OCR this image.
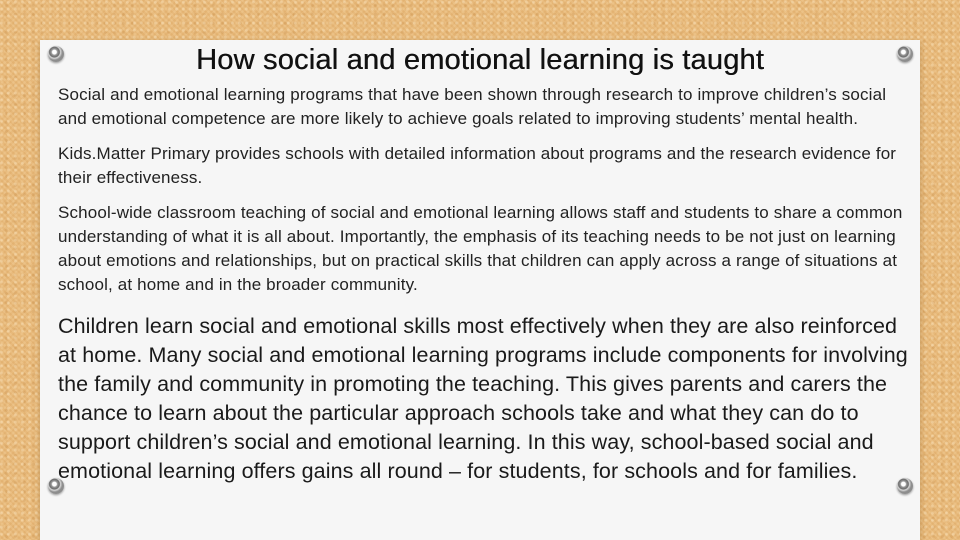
How social and emotional learning is taught

Social and emotional learning programs that have been shown through research to improve children’s social and emotional competence are more likely to achieve goals related to improving students’ mental health.

Kids.Matter Primary provides schools with detailed information about programs and the research evidence for their effectiveness.

School-wide classroom teaching of social and emotional learning allows staff and students to share a common understanding of what it is all about. Importantly, the emphasis of its teaching needs to be not just on learning about emotions and relationships, but on practical skills that children can apply across a range of situations at school, at home and in the broader community.

Children learn social and emotional skills most effectively when they are also reinforced at home. Many social and emotional learning programs include components for involving the family and community in promoting the teaching. This gives parents and carers the chance to learn about the particular approach schools take and what they can do to support children’s social and emotional learning. In this way, school-based social and emotional learning offers gains all round – for students, for schools and for families.
